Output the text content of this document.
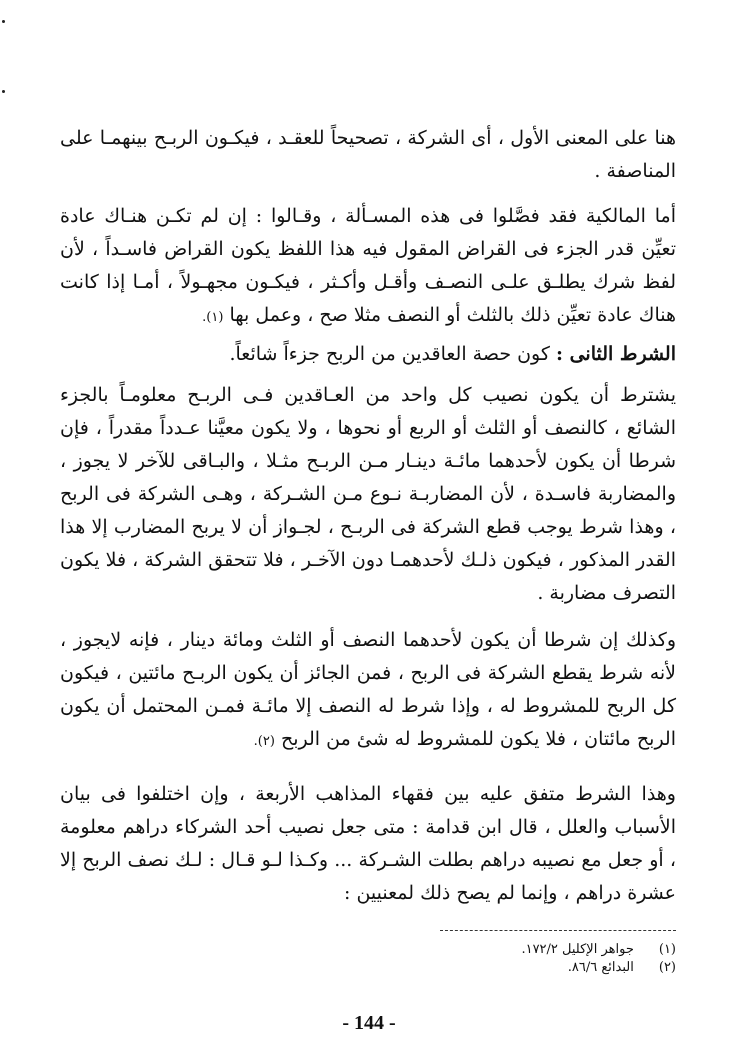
هنا على المعنى الأول ، أى الشركة ، تصحيحاً للعقـد ، فيكـون الربـح بينهمـا على المناصفة .

أما المالكية فقد فصَّلوا فى هذه المسـألة ، وقـالوا : إن لم تكـن هنـاك عادة تعيِّن قدر الجزء فى القراض المقول فيه هذا اللفظ يكون القراض فاسـداً ، لأن لفظ شرك يطلـق علـى النصـف وأقـل وأكـثر ، فيكـون مجهـولاً ، أمـا إذا كانت هناك عادة تعيِّن ذلك بالثلث أو النصف مثلا صح ، وعمل بها (١).

الشرط الثانى : كون حصة العاقدين من الربح جزءاً شائعاً.

يشترط أن يكون نصيب كل واحد من العـاقدين فـى الربـح معلومـاً بالجزء الشائع ، كالنصف أو الثلث أو الربع أو نحوها ، ولا يكون معيَّنا عـدداً مقدراً ، فإن شرطا أن يكون لأحدهما مائـة دينـار مـن الربـح مثـلا ، والبـاقى للآخر لا يجوز ، والمضاربة فاسـدة ، لأن المضاربـة نـوع مـن الشـركة ، وهـى الشركة فى الربح ، وهذا شرط يوجب قطع الشركة فى الربـح ، لجـواز أن لا يربح المضارب إلا هذا القدر المذكور ، فيكون ذلـك لأحدهمـا دون الآخـر ، فلا تتحقق الشركة ، فلا يكون التصرف مضاربة .

وكذلك إن شرطا أن يكون لأحدهما النصف أو الثلث ومائة دينار ، فإنه لايجوز ، لأنه شرط يقطع الشركة فى الربح ، فمن الجائز أن يكون الربـح مائتين ، فيكون كل الربح للمشروط له ، وإذا شرط له النصف إلا مائـة فمـن المحتمل أن يكون الربح مائتان ، فلا يكون للمشروط له شئ من الربح (٢).

وهذا الشرط متفق عليه بين فقهاء المذاهب الأربعة ، وإن اختلفوا فى بيان الأسباب والعلل ، قال ابن قدامة : متى جعل نصيب أحد الشركاء دراهم معلومة ، أو جعل مع نصيبه دراهم بطلت الشـركة ... وكـذا لـو قـال : لـك نصف الربح إلا عشرة دراهم ، وإنما لم يصح ذلك لمعنيين :

(١) جواهر الإكليل ١٧٢/٢.
(٢) البدائع ٨٦/٦.
- 144 -
